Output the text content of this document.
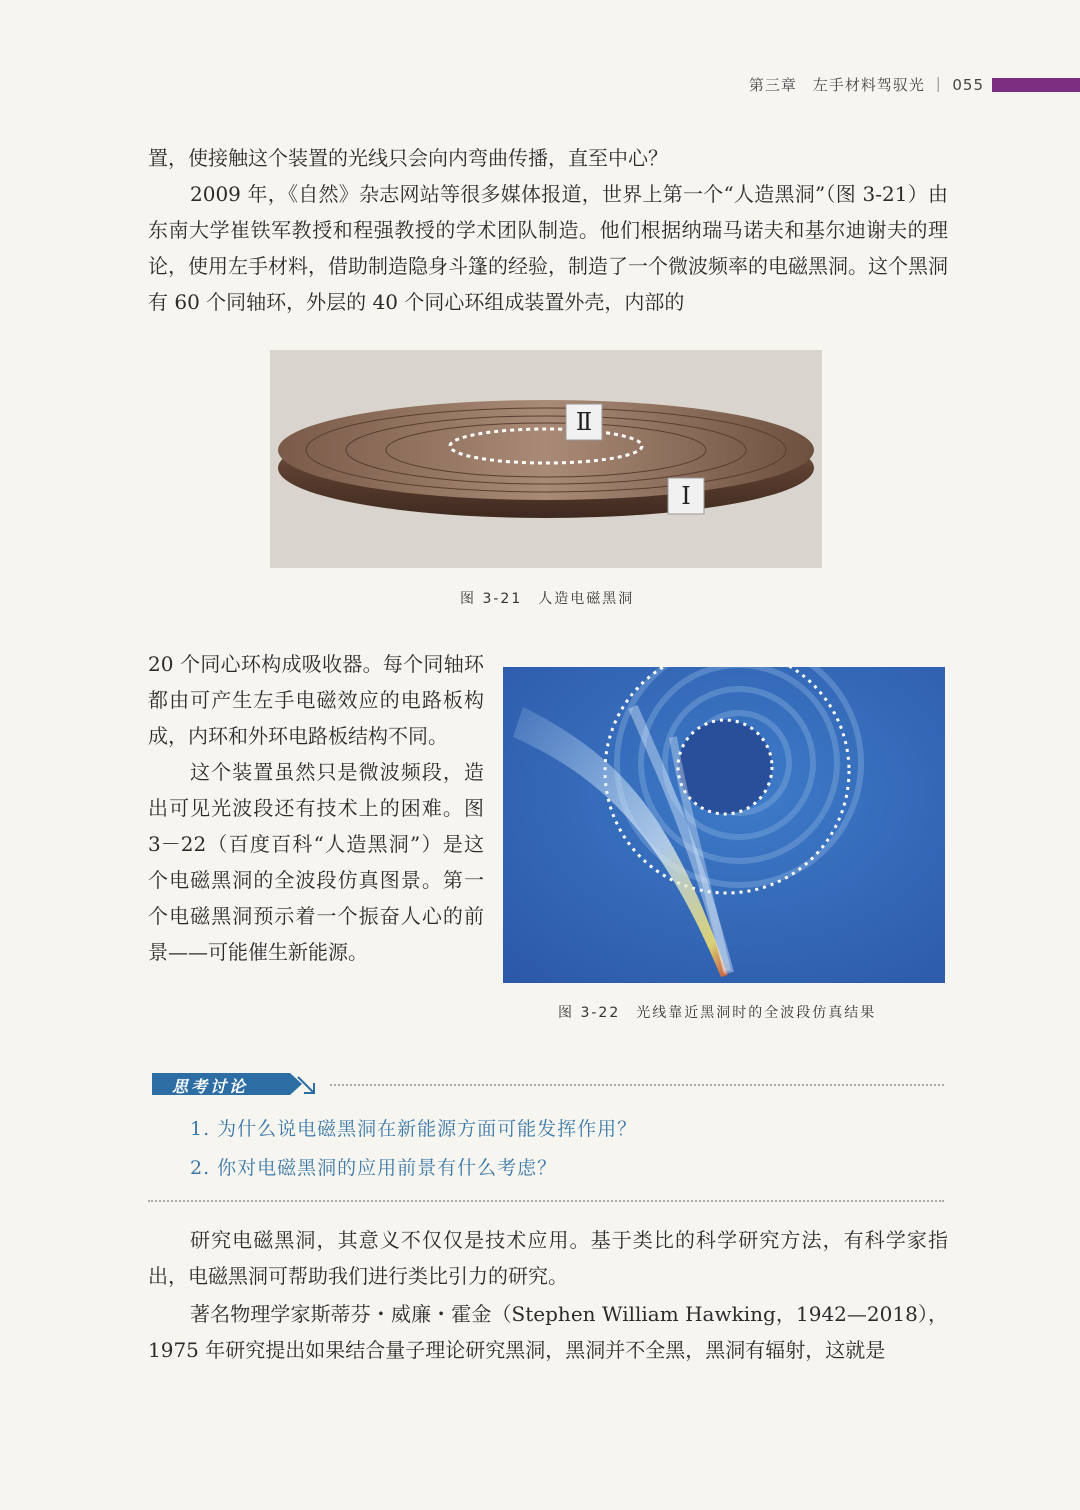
第三章　左手材料驾驭光 ｜ 055

置，使接触这个装置的光线只会向内弯曲传播，直至中心？

2009 年，《自然》杂志网站等很多媒体报道，世界上第一个“人造黑洞”（图 3-21）由东南大学崔铁军教授和程强教授的学术团队制造。他们根据纳瑞马诺夫和基尔迪谢夫的理论，使用左手材料，借助制造隐身斗篷的经验，制造了一个微波频率的电磁黑洞。这个黑洞有 60 个同轴环，外层的 40 个同心环组成装置外壳，内部的

Ⅱ
Ⅰ
图 3-21　人造电磁黑洞

20 个同心环构成吸收器。每个同轴环都由可产生左手电磁效应的电路板构成，内环和外环电路板结构不同。

这个装置虽然只是微波频段，造出可见光波段还有技术上的困难。图 3－22（百度百科“人造黑洞”）是这个电磁黑洞的全波段仿真图景。第一个电磁黑洞预示着一个振奋人心的前景——可能催生新能源。

图 3-22　光线靠近黑洞时的全波段仿真结果
思考讨论
1. 为什么说电磁黑洞在新能源方面可能发挥作用？
2. 你对电磁黑洞的应用前景有什么考虑？

研究电磁黑洞，其意义不仅仅是技术应用。基于类比的科学研究方法，有科学家指出，电磁黑洞可帮助我们进行类比引力的研究。

著名物理学家斯蒂芬・威廉・霍金（Stephen William Hawking，1942—2018），1975 年研究提出如果结合量子理论研究黑洞，黑洞并不全黑，黑洞有辐射，这就是
